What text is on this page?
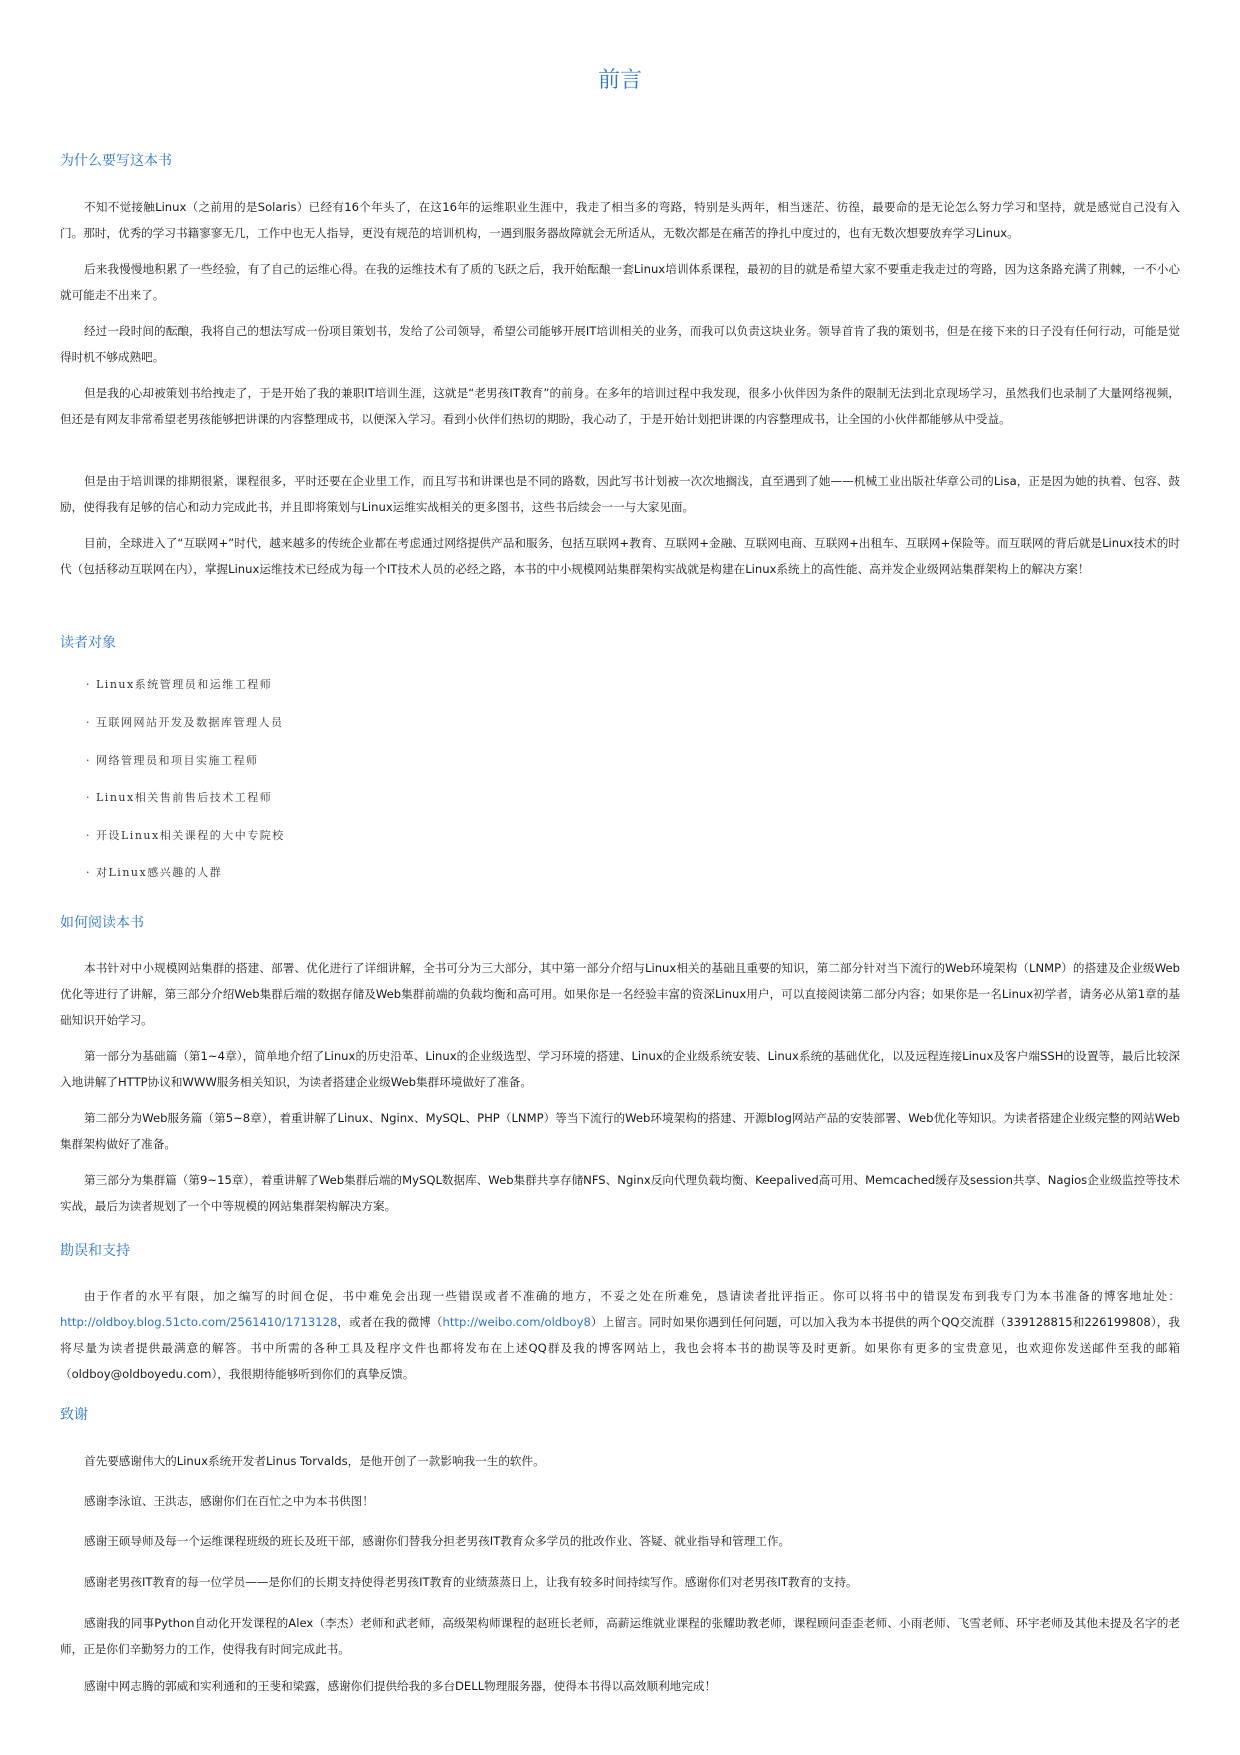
前言
为什么要写这本书

不知不觉接触Linux（之前用的是Solaris）已经有16个年头了，在这16年的运维职业生涯中，我走了相当多的弯路，特别是头两年，相当迷茫、彷徨，最要命的是无论怎么努力学习和坚持，就是感觉自己没有入门。那时，优秀的学习书籍寥寥无几，工作中也无人指导，更没有规范的培训机构，一遇到服务器故障就会无所适从，无数次都是在痛苦的挣扎中度过的，也有无数次想要放弃学习Linux。

后来我慢慢地积累了一些经验，有了自己的运维心得。在我的运维技术有了质的飞跃之后，我开始酝酿一套Linux培训体系课程，最初的目的就是希望大家不要重走我走过的弯路，因为这条路充满了荆棘，一不小心就可能走不出来了。

经过一段时间的酝酿，我将自己的想法写成一份项目策划书，发给了公司领导，希望公司能够开展IT培训相关的业务，而我可以负责这块业务。领导首肯了我的策划书，但是在接下来的日子没有任何行动，可能是觉得时机不够成熟吧。

但是我的心却被策划书给拽走了，于是开始了我的兼职IT培训生涯，这就是“老男孩IT教育”的前身。在多年的培训过程中我发现，很多小伙伴因为条件的限制无法到北京现场学习，虽然我们也录制了大量网络视频，但还是有网友非常希望老男孩能够把讲课的内容整理成书，以便深入学习。看到小伙伴们热切的期盼，我心动了，于是开始计划把讲课的内容整理成书，让全国的小伙伴都能够从中受益。

但是由于培训课的排期很紧，课程很多，平时还要在企业里工作，而且写书和讲课也是不同的路数，因此写书计划被一次次地搁浅，直至遇到了她——机械工业出版社华章公司的Lisa，正是因为她的执着、包容、鼓励，使得我有足够的信心和动力完成此书，并且即将策划与Linux运维实战相关的更多图书，这些书后续会一一与大家见面。

目前，全球进入了“互联网+”时代，越来越多的传统企业都在考虑通过网络提供产品和服务，包括互联网+教育、互联网+金融、互联网电商、互联网+出租车、互联网+保险等。而互联网的背后就是Linux技术的时代（包括移动互联网在内），掌握Linux运维技术已经成为每一个IT技术人员的必经之路，本书的中小规模网站集群架构实战就是构建在Linux系统上的高性能、高并发企业级网站集群架构上的解决方案！

读者对象
· Linux系统管理员和运维工程师
· 互联网网站开发及数据库管理人员
· 网络管理员和项目实施工程师
· Linux相关售前售后技术工程师
· 开设Linux相关课程的大中专院校
· 对Linux感兴趣的人群
如何阅读本书

本书针对中小规模网站集群的搭建、部署、优化进行了详细讲解，全书可分为三大部分，其中第一部分介绍与Linux相关的基础且重要的知识，第二部分针对当下流行的Web环境架构（LNMP）的搭建及企业级Web优化等进行了讲解，第三部分介绍Web集群后端的数据存储及Web集群前端的负载均衡和高可用。如果你是一名经验丰富的资深Linux用户，可以直接阅读第二部分内容；如果你是一名Linux初学者，请务必从第1章的基础知识开始学习。

第一部分为基础篇（第1~4章），简单地介绍了Linux的历史沿革、Linux的企业级选型、学习环境的搭建、Linux的企业级系统安装、Linux系统的基础优化，以及远程连接Linux及客户端SSH的设置等，最后比较深入地讲解了HTTP协议和WWW服务相关知识，为读者搭建企业级Web集群环境做好了准备。

第二部分为Web服务篇（第5~8章），着重讲解了Linux、Nginx、MySQL、PHP（LNMP）等当下流行的Web环境架构的搭建、开源blog网站产品的安装部署、Web优化等知识。为读者搭建企业级完整的网站Web集群架构做好了准备。

第三部分为集群篇（第9~15章），着重讲解了Web集群后端的MySQL数据库、Web集群共享存储NFS、Nginx反向代理负载均衡、Keepalived高可用、Memcached缓存及session共享、Nagios企业级监控等技术实战，最后为读者规划了一个中等规模的网站集群架构解决方案。

勘误和支持

由于作者的水平有限，加之编写的时间仓促，书中难免会出现一些错误或者不准确的地方，不妥之处在所难免，恳请读者批评指正。你可以将书中的错误发布到我专门为本书准备的博客地址处：http://oldboy.blog.51cto.com/2561410/1713128，或者在我的微博（http://weibo.com/oldboy8）上留言。同时如果你遇到任何问题，可以加入我为本书提供的两个QQ交流群（339128815和226199808），我将尽量为读者提供最满意的解答。书中所需的各种工具及程序文件也都将发布在上述QQ群及我的博客网站上，我也会将本书的勘误等及时更新。如果你有更多的宝贵意见，也欢迎你发送邮件至我的邮箱（oldboy@oldboyedu.com），我很期待能够听到你们的真挚反馈。

致谢

首先要感谢伟大的Linux系统开发者Linus Torvalds，是他开创了一款影响我一生的软件。

感谢李泳谊、王洪志，感谢你们在百忙之中为本书供图！

感谢王硕导师及每一个运维课程班级的班长及班干部，感谢你们替我分担老男孩IT教育众多学员的批改作业、答疑、就业指导和管理工作。

感谢老男孩IT教育的每一位学员——是你们的长期支持使得老男孩IT教育的业绩蒸蒸日上，让我有较多时间持续写作。感谢你们对老男孩IT教育的支持。

感谢我的同事Python自动化开发课程的Alex（李杰）老师和武老师，高级架构师课程的赵班长老师，高薪运维就业课程的张耀助教老师，课程顾问歪歪老师、小雨老师、飞雪老师、环宇老师及其他未提及名字的老师，正是你们辛勤努力的工作，使得我有时间完成此书。

感谢中网志腾的郭威和实利通和的王斐和梁露，感谢你们提供给我的多台DELL物理服务器，使得本书得以高效顺利地完成！
